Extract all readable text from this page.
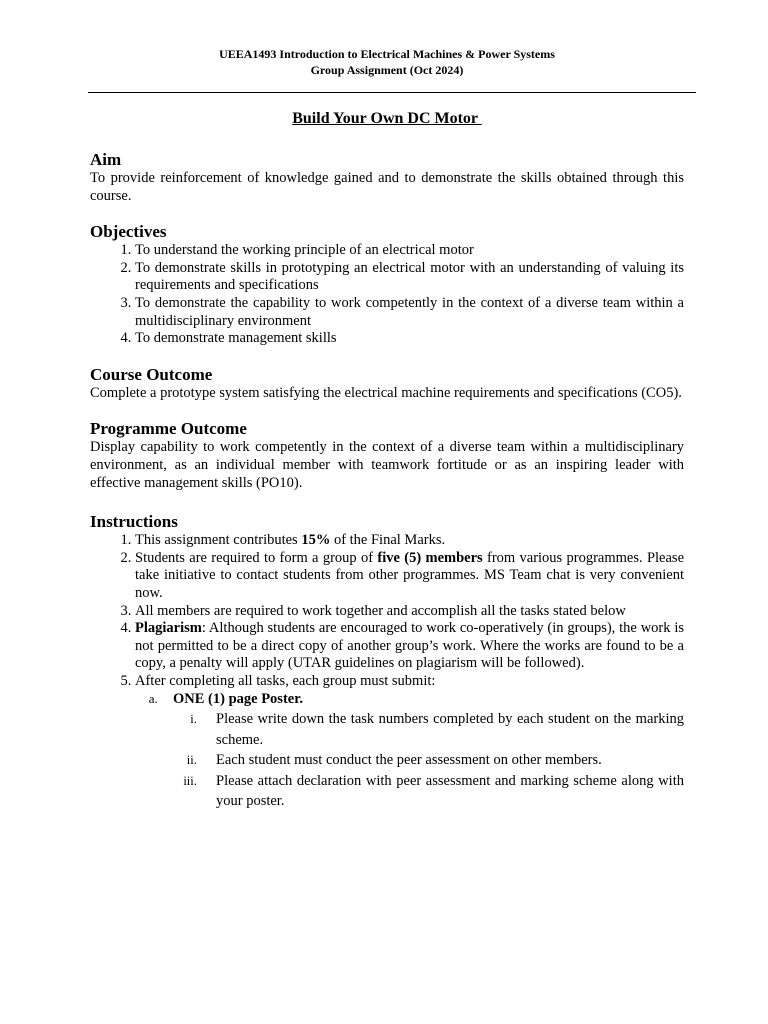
UEEA1493 Introduction to Electrical Machines & Power Systems
Group Assignment (Oct 2024)
Build Your Own DC Motor
Aim

To provide reinforcement of knowledge gained and to demonstrate the skills obtained through this course.

Objectives
1. To understand the working principle of an electrical motor
2. To demonstrate skills in prototyping an electrical motor with an understanding of valuing its requirements and specifications
3. To demonstrate the capability to work competently in the context of a diverse team within a multidisciplinary environment
4. To demonstrate management skills
Course Outcome

Complete a prototype system satisfying the electrical machine requirements and specifications (CO5).

Programme Outcome

Display capability to work competently in the context of a diverse team within a multidisciplinary environment, as an individual member with teamwork fortitude or as an inspiring leader with effective management skills (PO10).

Instructions
1. This assignment contributes 15% of the Final Marks.
2. Students are required to form a group of five (5) members from various programmes. Please take initiative to contact students from other programmes. MS Team chat is very convenient now.
3. All members are required to work together and accomplish all the tasks stated below
4. Plagiarism: Although students are encouraged to work co-operatively (in groups), the work is not permitted to be a direct copy of another group’s work. Where the works are found to be a copy, a penalty will apply (UTAR guidelines on plagiarism will be followed).
5. After completing all tasks, each group must submit:
a. ONE (1) page Poster.
i. Please write down the task numbers completed by each student on the marking scheme.
ii. Each student must conduct the peer assessment on other members.
iii. Please attach declaration with peer assessment and marking scheme along with your poster.
